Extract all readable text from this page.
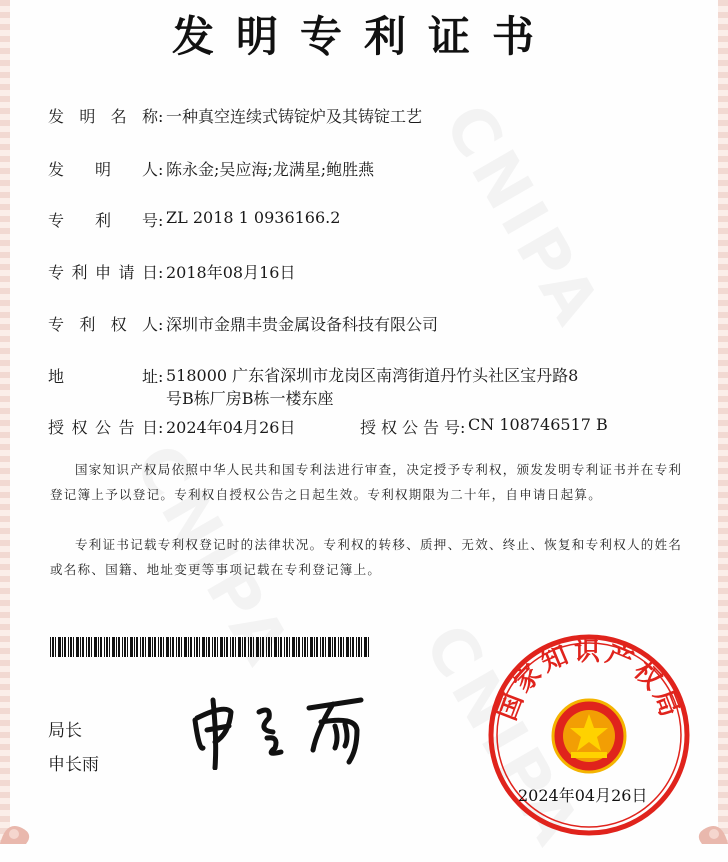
发明专利证书
发 明 名 称: 一种真空连续式铸锭炉及其铸锭工艺
发 明 人: 陈永金;吴应海;龙满星;鲍胜燕
专 利 号: ZL 2018 1 0936166.2
专利申请日: 2018年08月16日
专 利 权 人: 深圳市金鼎丰贵金属设备科技有限公司
地 址: 518000 广东省深圳市龙岗区南湾街道丹竹头社区宝丹路8号B栋厂房B栋一楼东座
授权公告日: 2024年04月26日	授权公告号: CN 108746517 B
国家知识产权局依照中华人民共和国专利法进行审查，决定授予专利权，颁发发明专利证书并在专利登记簿上予以登记。专利权自授权公告之日起生效。专利权期限为二十年，自申请日起算。
专利证书记载专利权登记时的法律状况。专利权的转移、质押、无效、终止、恢复和专利权人的姓名或名称、国籍、地址变更等事项记载在专利登记簿上。
局长
申长雨
国家知识产权局
2024年04月26日
